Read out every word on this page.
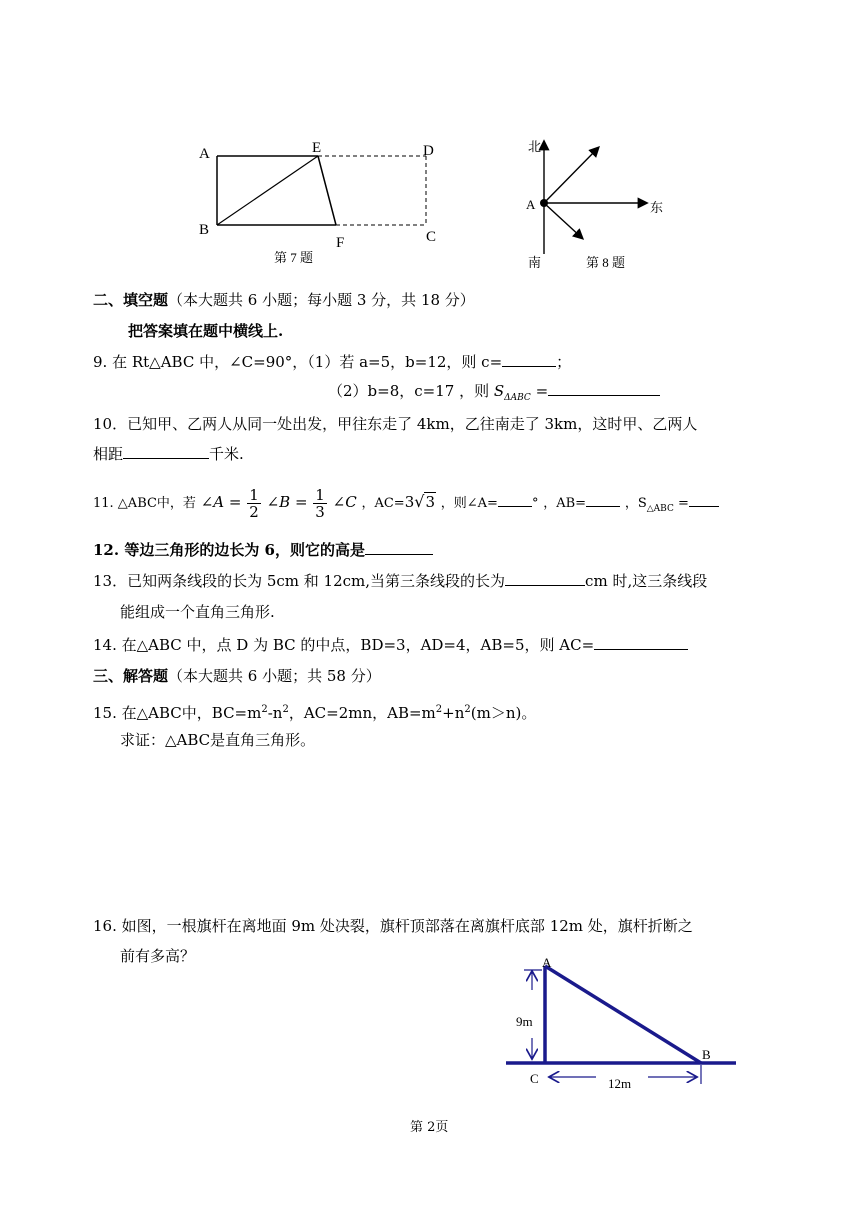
A	E	D
B
F	C
第 7 题
北
A	东
南	第 8 题
二、填空题（本大题共 6 小题；每小题 3 分，共 18 分）
把答案填在题中横线上.
9. 在 Rt△ABC 中，∠C=90°，（1）若 a=5，b=12，则 c=	；
（2）b=8，c=17 ，则 $S_{\Delta ABC}$ =
10．已知甲、乙两人从同一处出发，甲往东走了 4km，乙往南走了 3km，这时甲、乙两人
相距	千米.
11. △ABC中，若 ∠A = $\frac{1}{2}$ ∠B = $\frac{1}{3}$ ∠C ，AC=3√3 ，则∠A=	° ，AB=	，$S_{\triangle ABC}$ =
12. 等边三角形的边长为 6，则它的高是
13．已知两条线段的长为 5cm 和 12cm,当第三条线段的长为	cm 时,这三条线段
能组成一个直角三角形.
14. 在△ABC 中，点 D 为 BC 的中点，BD=3，AD=4，AB=5，则 AC=
三、解答题（本大题共 6 小题；共 58 分）
15. 在△ABC中，$BC=m^2-n^2$，AC=2mn，$AB=m^2+n^2(m>n)$。
求证：△ABC是直角三角形。
16. 如图，一根旗杆在离地面 9m 处决裂，旗杆顶部落在离旗杆底部 12m 处，旗杆折断之
前有多高？
9m
12m
A
B
C
第 2页
